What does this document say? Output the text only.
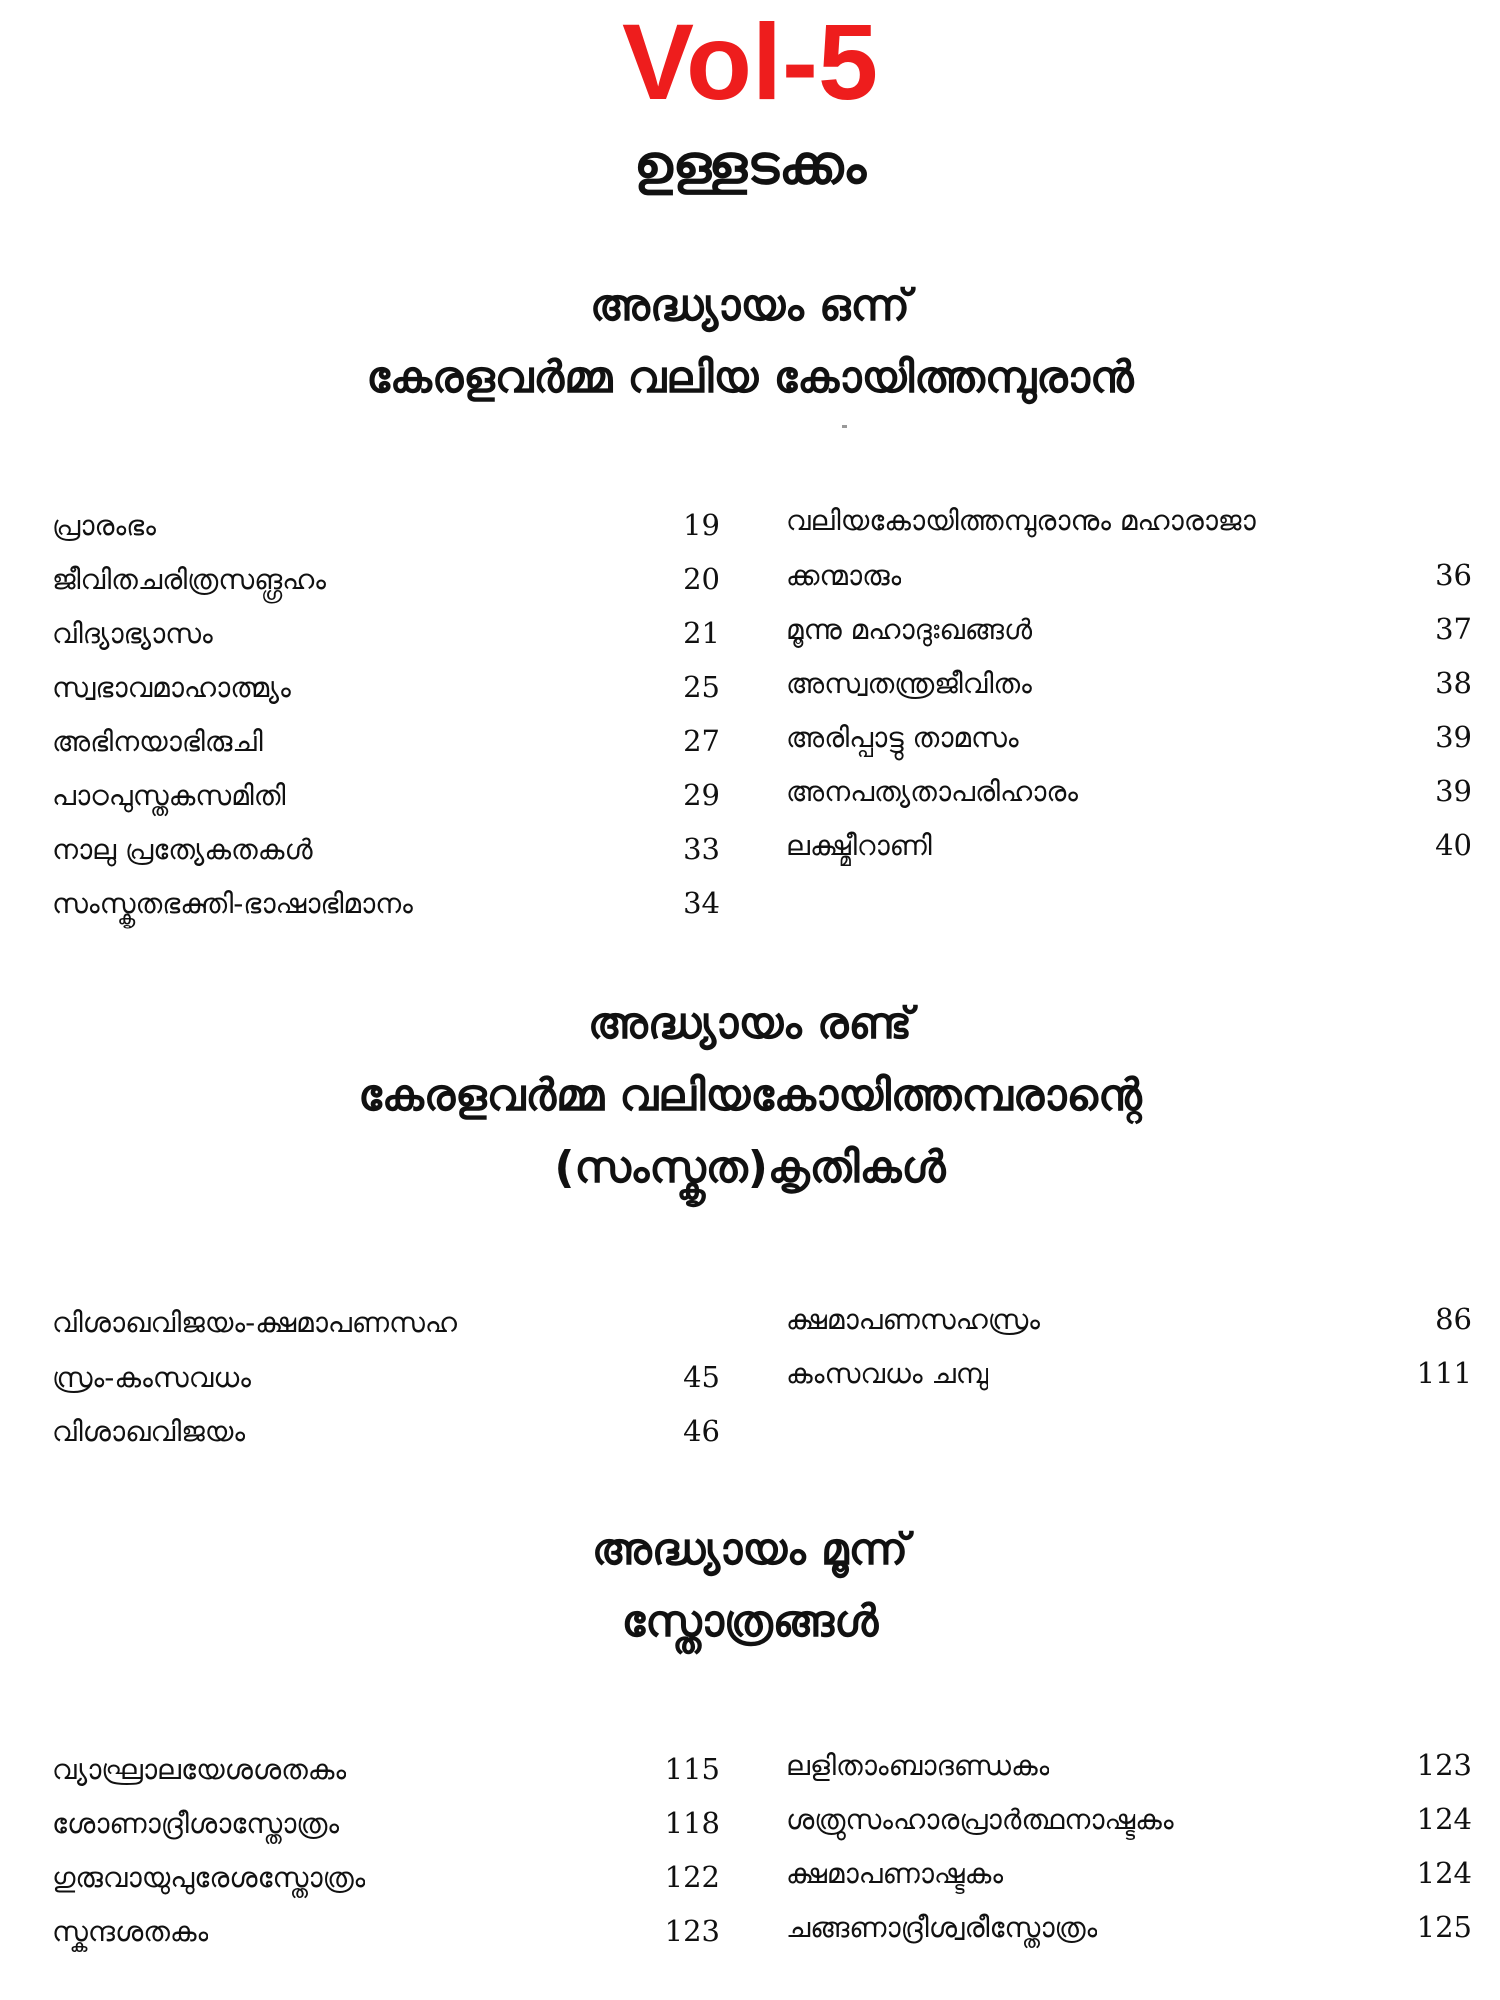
Vol-5
ഉള്ളടക്കം
അദ്ധ്യായം ഒന്ന്
കേരളവർമ്മ വലിയ കോയിത്തമ്പുരാൻ
പ്രാരംഭം	19
ജീവിതചരിത്രസങ്ഗ്രഹം	20
വിദ്യാഭ്യാസം	21
സ്വഭാവമാഹാത്മ്യം	25
അഭിനയാഭിരുചി	27
പാഠപുസ്തകസമിതി	29
നാലു പ്രത്യേകതകൾ	33
സംസ്കൃതഭക്തി-ഭാഷാഭിമാനം	34
വലിയകോയിത്തമ്പുരാനും മഹാരാജാ
ക്കന്മാരും	36
മൂന്നു മഹാദുഃഖങ്ങൾ	37
അസ്വതന്ത്രജീവിതം	38
അരിപ്പാട്ടു താമസം	39
അനപത്യതാപരിഹാരം	39
ലക്ഷ്മീറാണി	40
അദ്ധ്യായം രണ്ട്
കേരളവർമ്മ വലിയകോയിത്തമ്പരാന്റെ
(സംസ്കൃത)കൃതികൾ
വിശാഖവിജയം-ക്ഷമാപണസഹ
സ്രം-കംസവധം	45
വിശാഖവിജയം	46
ക്ഷമാപണസഹസ്രം	86
കംസവധം ചമ്പു	111
അദ്ധ്യായം മൂന്ന്
സ്തോത്രങ്ങൾ
വ്യാഘ്രാലയേശശതകം	115
ശോണാദ്രീശാസ്തോത്രം	118
ഗുരുവായുപുരേശസ്തോത്രം	122
സ്കന്ദശതകം	123
ലളിതാംബാദണ്ഡകം	123
ശത്രുസംഹാരപ്രാർത്ഥനാഷ്ടകം	124
ക്ഷമാപണാഷ്ടകം	124
ചങ്ങണാദ്രീശ്വരീസ്തോത്രം	125
